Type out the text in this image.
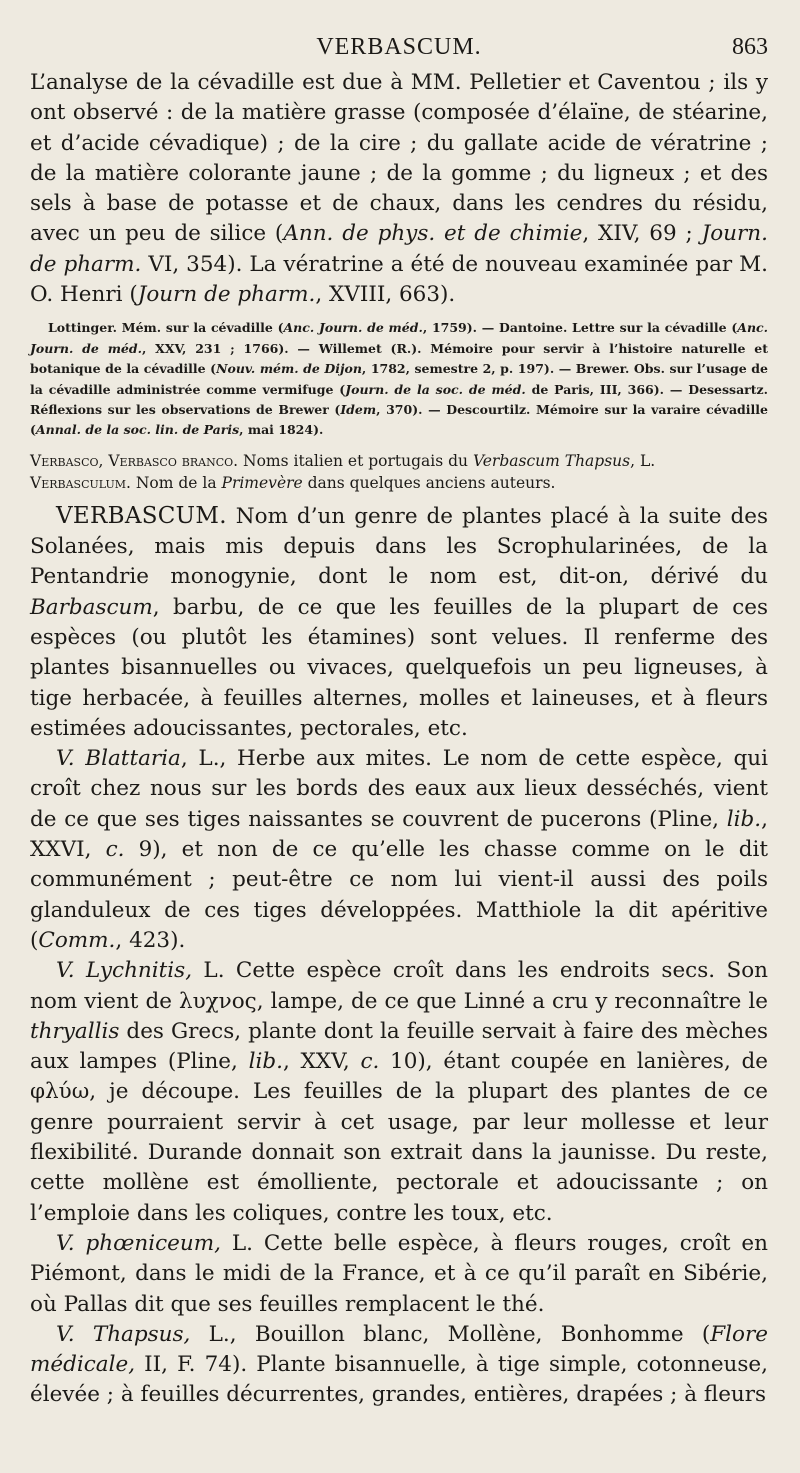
VERBASCUM.	863

L’analyse de la cévadille est due à MM. Pelletier et Caventou ; ils y ont observé : de la matière grasse (composée d’élaïne, de stéarine, et d’acide cévadique) ; de la cire ; du gallate acide de vératrine ; de la matière colorante jaune ; de la gomme ; du ligneux ; et des sels à base de potasse et de chaux, dans les cendres du résidu, avec un peu de silice (Ann. de phys. et de chimie, XIV, 69 ; Journ. de pharm. VI, 354). La vératrine a été de nouveau examinée par M. O. Henri (Journ de pharm., XVIII, 663).

Lottinger. Mém. sur la cévadille (Anc. Journ. de méd., 1759). — Dantoine. Lettre sur la cévadille (Anc. Journ. de méd., XXV, 231 ; 1766). — Willemet (R.). Mémoire pour servir à l’histoire naturelle et botanique de la cévadille (Nouv. mém. de Dijon, 1782, semestre 2, p. 197). — Brewer. Obs. sur l’usage de la cévadille administrée comme vermifuge (Journ. de la soc. de méd. de Paris, III, 366). — Desessartz. Réflexions sur les observations de Brewer (Idem, 370). — Descourtilz. Mémoire sur la varaire cévadille (Annal. de la soc. lin. de Paris, mai 1824).

Verbasco, Verbasco branco. Noms italien et portugais du Verbascum Thapsus, L.

Verbasculum. Nom de la Primevère dans quelques anciens auteurs.

VERBASCUM. Nom d’un genre de plantes placé à la suite des Solanées, mais mis depuis dans les Scrophularinées, de la Pentandrie monogynie, dont le nom est, dit-on, dérivé du Barbascum, barbu, de ce que les feuilles de la plupart de ces espèces (ou plutôt les étamines) sont velues. Il renferme des plantes bisannuelles ou vivaces, quelquefois un peu ligneuses, à tige herbacée, à feuilles alternes, molles et laineuses, et à fleurs estimées adoucissantes, pectorales, etc.

V. Blattaria, L., Herbe aux mites. Le nom de cette espèce, qui croît chez nous sur les bords des eaux aux lieux desséchés, vient de ce que ses tiges naissantes se couvrent de pucerons (Pline, lib., XXVI, c. 9), et non de ce qu’elle les chasse comme on le dit communément ; peut-être ce nom lui vient-il aussi des poils glanduleux de ces tiges développées. Matthiole la dit apéritive (Comm., 423).

V. Lychnitis, L. Cette espèce croît dans les endroits secs. Son nom vient de λυχνος, lampe, de ce que Linné a cru y reconnaître le thryallis des Grecs, plante dont la feuille servait à faire des mèches aux lampes (Pline, lib., XXV, c. 10), étant coupée en lanières, de φλύω, je découpe. Les feuilles de la plupart des plantes de ce genre pourraient servir à cet usage, par leur mollesse et leur flexibilité. Durande donnait son extrait dans la jaunisse. Du reste, cette mollène est émolliente, pectorale et adoucissante ; on l’emploie dans les coliques, contre les toux, etc.

V. phœniceum, L. Cette belle espèce, à fleurs rouges, croît en Piémont, dans le midi de la France, et à ce qu’il paraît en Sibérie, où Pallas dit que ses feuilles remplacent le thé.

V. Thapsus, L., Bouillon blanc, Mollène, Bonhomme (Flore médicale, II, F. 74). Plante bisannuelle, à tige simple, cotonneuse, élevée ; à feuilles décurrentes, grandes, entières, drapées ; à fleurs
